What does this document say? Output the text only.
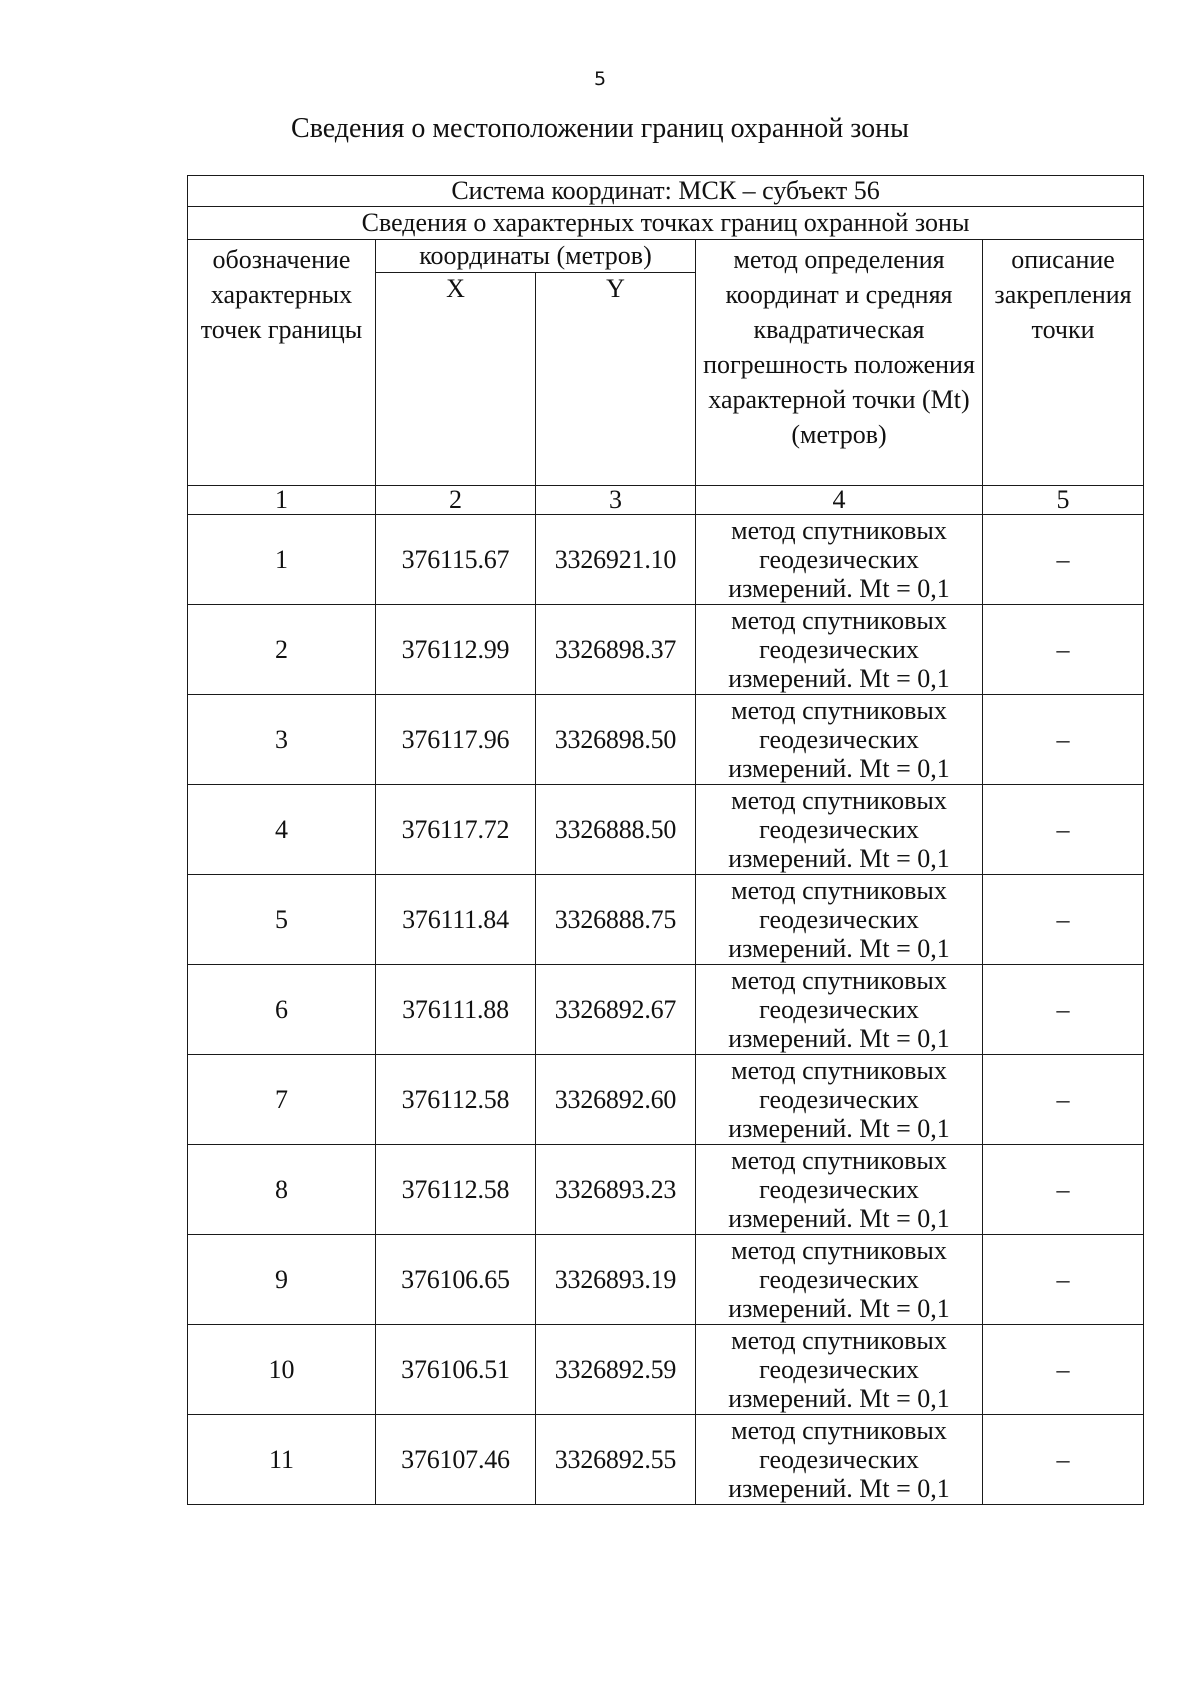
5
Сведения о местоположении границ охранной зоны
Система координат: МСК – субъект 56				
Сведения о характерных точках границ охранной зоны				
обозначение характерных точек границы	координаты (метров)		метод определения координат и средняя квадратическая погрешность положения характерной точки (Mt) (метров)	описание закрепления точки
	X	Y		
1	2	3	4	5
1	376115.67	3326921.10	метод спутниковых геодезических измерений. Mt = 0,1	–
2	376112.99	3326898.37	метод спутниковых геодезических измерений. Mt = 0,1	–
3	376117.96	3326898.50	метод спутниковых геодезических измерений. Mt = 0,1	–
4	376117.72	3326888.50	метод спутниковых геодезических измерений. Mt = 0,1	–
5	376111.84	3326888.75	метод спутниковых геодезических измерений. Mt = 0,1	–
6	376111.88	3326892.67	метод спутниковых геодезических измерений. Mt = 0,1	–
7	376112.58	3326892.60	метод спутниковых геодезических измерений. Mt = 0,1	–
8	376112.58	3326893.23	метод спутниковых геодезических измерений. Mt = 0,1	–
9	376106.65	3326893.19	метод спутниковых геодезических измерений. Mt = 0,1	–
10	376106.51	3326892.59	метод спутниковых геодезических измерений. Mt = 0,1	–
11	376107.46	3326892.55	метод спутниковых геодезических измерений. Mt = 0,1	–
